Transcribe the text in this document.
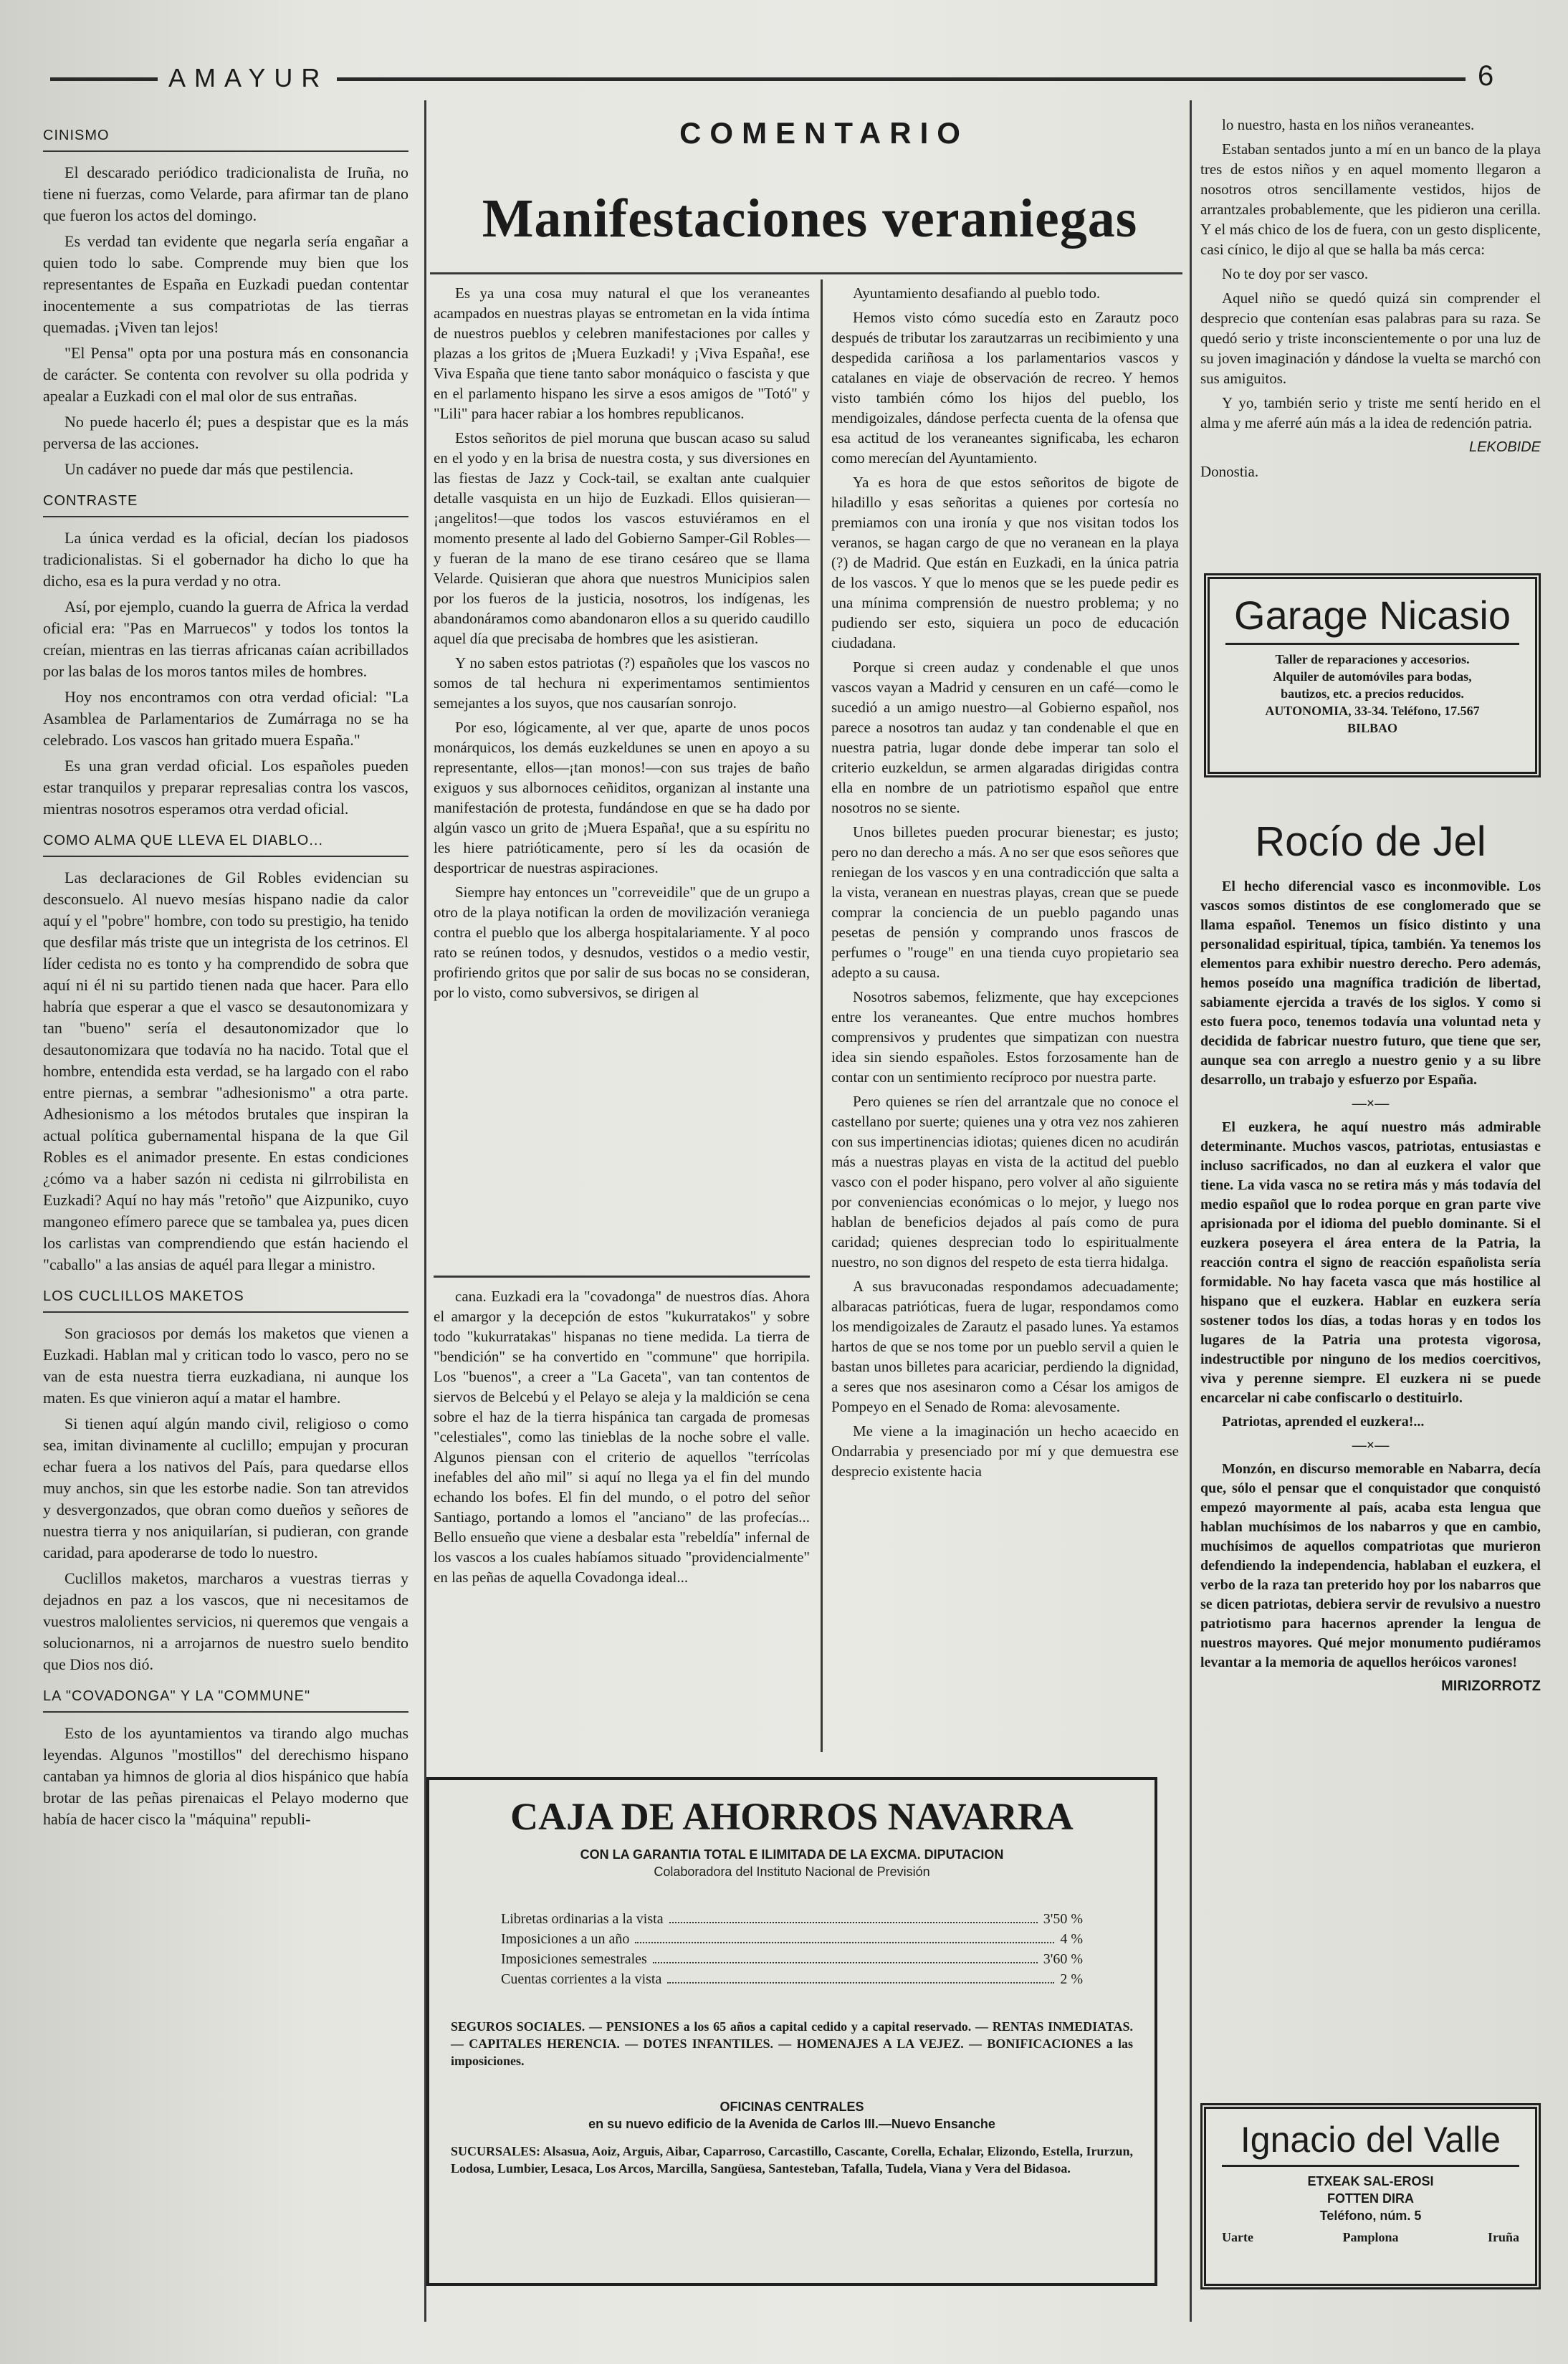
AMAYUR	6
CINISMO

El descarado periódico tradicionalista de Iruña, no tiene ni fuerzas, como Velarde, para afirmar tan de plano que fueron los actos del domingo.

Es verdad tan evidente que negarla sería engañar a quien todo lo sabe. Comprende muy bien que los representantes de España en Euzkadi puedan contentar inocentemente a sus compatriotas de las tierras quemadas. ¡Viven tan lejos!

"El Pensa" opta por una postura más en consonancia de carácter. Se contenta con revolver su olla podrida y apealar a Euzkadi con el mal olor de sus entrañas.

No puede hacerlo él; pues a despistar que es la más perversa de las acciones.

Un cadáver no puede dar más que pestilencia.

CONTRASTE

La única verdad es la oficial, decían los piadosos tradicionalistas. Si el gobernador ha dicho lo que ha dicho, esa es la pura verdad y no otra.

Así, por ejemplo, cuando la guerra de Africa la verdad oficial era: "Pas en Marruecos" y todos los tontos la creían, mientras en las tierras africanas caían acribillados por las balas de los moros tantos miles de hombres.

Hoy nos encontramos con otra verdad oficial: "La Asamblea de Parlamentarios de Zumárraga no se ha celebrado. Los vascos han gritado muera España."

Es una gran verdad oficial. Los españoles pueden estar tranquilos y preparar represalias contra los vascos, mientras nosotros esperamos otra verdad oficial.

COMO ALMA QUE LLEVA EL DIABLO...

Las declaraciones de Gil Robles evidencian su desconsuelo. Al nuevo mesías hispano nadie da calor aquí y el "pobre" hombre, con todo su prestigio, ha tenido que desfilar más triste que un integrista de los cetrinos. El líder cedista no es tonto y ha comprendido de sobra que aquí ni él ni su partido tienen nada que hacer. Para ello habría que esperar a que el vasco se desautonomizara y tan "bueno" sería el desautonomizador que lo desautonomizara que todavía no ha nacido. Total que el hombre, entendida esta verdad, se ha largado con el rabo entre piernas, a sembrar "adhesionismo" a otra parte. Adhesionismo a los métodos brutales que inspiran la actual política gubernamental hispana de la que Gil Robles es el animador presente. En estas condiciones ¿cómo va a haber sazón ni cedista ni gilrrobilista en Euzkadi? Aquí no hay más "retoño" que Aizpuniko, cuyo mangoneo efímero parece que se tambalea ya, pues dicen los carlistas van comprendiendo que están haciendo el "caballo" a las ansias de aquél para llegar a ministro.

LOS CUCLILLOS MAKETOS

Son graciosos por demás los maketos que vienen a Euzkadi. Hablan mal y critican todo lo vasco, pero no se van de esta nuestra tierra euzkadiana, ni aunque los maten. Es que vinieron aquí a matar el hambre.

Si tienen aquí algún mando civil, religioso o como sea, imitan divinamente al cuclillo; empujan y procuran echar fuera a los nativos del País, para quedarse ellos muy anchos, sin que les estorbe nadie. Son tan atrevidos y desvergonzados, que obran como dueños y señores de nuestra tierra y nos aniquilarían, si pudieran, con grande caridad, para apoderarse de todo lo nuestro.

Cuclillos maketos, marcharos a vuestras tierras y dejadnos en paz a los vascos, que ni necesitamos de vuestros malolientes servicios, ni queremos que vengais a solucionarnos, ni a arrojarnos de nuestro suelo bendito que Dios nos dió.

LA "COVADONGA" Y LA "COMMUNE"

Esto de los ayuntamientos va tirando algo muchas leyendas. Algunos "mostillos" del derechismo hispano cantaban ya himnos de gloria al dios hispánico que había brotar de las peñas pirenaicas el Pelayo moderno que había de hacer cisco la "máquina" republi-

COMENTARIO
Manifestaciones veraniegas

Es ya una cosa muy natural el que los veraneantes acampados en nuestras playas se entrometan en la vida íntima de nuestros pueblos y celebren manifestaciones por calles y plazas a los gritos de ¡Muera Euzkadi! y ¡Viva España!, ese Viva España que tiene tanto sabor monáquico o fascista y que en el parlamento hispano les sirve a esos amigos de "Totó" y "Lili" para hacer rabiar a los hombres republicanos.

Estos señoritos de piel moruna que buscan acaso su salud en el yodo y en la brisa de nuestra costa, y sus diversiones en las fiestas de Jazz y Cock-tail, se exaltan ante cualquier detalle vasquista en un hijo de Euzkadi. Ellos quisieran—¡angelitos!—que todos los vascos estuviéramos en el momento presente al lado del Gobierno Samper-Gil Robles—y fueran de la mano de ese tirano cesáreo que se llama Velarde. Quisieran que ahora que nuestros Municipios salen por los fueros de la justicia, nosotros, los indígenas, les abandonáramos como abandonaron ellos a su querido caudillo aquel día que precisaba de hombres que les asistieran.

Y no saben estos patriotas (?) españoles que los vascos no somos de tal hechura ni experimentamos sentimientos semejantes a los suyos, que nos causarían sonrojo.

Por eso, lógicamente, al ver que, aparte de unos pocos monárquicos, los demás euzkeldunes se unen en apoyo a su representante, ellos—¡tan monos!—con sus trajes de baño exiguos y sus albornoces ceñiditos, organizan al instante una manifestación de protesta, fundándose en que se ha dado por algún vasco un grito de ¡Muera España!, que a su espíritu no les hiere patrióticamente, pero sí les da ocasión de desportricar de nuestras aspiraciones.

Siempre hay entonces un "correveidile" que de un grupo a otro de la playa notifican la orden de movilización veraniega contra el pueblo que los alberga hospitalariamente. Y al poco rato se reúnen todos, y desnudos, vestidos o a medio vestir, profiriendo gritos que por salir de sus bocas no se consideran, por lo visto, como subversivos, se dirigen al

cana. Euzkadi era la "covadonga" de nuestros días. Ahora el amargor y la decepción de estos "kukurratakos" y sobre todo "kukurratakas" hispanas no tiene medida. La tierra de "bendición" se ha convertido en "commune" que horripila. Los "buenos", a creer a "La Gaceta", van tan contentos de siervos de Belcebú y el Pelayo se aleja y la maldición se cena sobre el haz de la tierra hispánica tan cargada de promesas "celestiales", como las tinieblas de la noche sobre el valle. Algunos piensan con el criterio de aquellos "terrícolas inefables del año mil" si aquí no llega ya el fin del mundo echando los bofes. El fin del mundo, o el potro del señor Santiago, portando a lomos el "anciano" de las profecías... Bello ensueño que viene a desbalar esta "rebeldía" infernal de los vascos a los cuales habíamos situado "providencialmente" en las peñas de aquella Covadonga ideal...

Ayuntamiento desafiando al pueblo todo.

Hemos visto cómo sucedía esto en Zarautz poco después de tributar los zarautzarras un recibimiento y una despedida cariñosa a los parlamentarios vascos y catalanes en viaje de observación de recreo. Y hemos visto también cómo los hijos del pueblo, los mendigoizales, dándose perfecta cuenta de la ofensa que esa actitud de los veraneantes significaba, les echaron como merecían del Ayuntamiento.

Ya es hora de que estos señoritos de bigote de hiladillo y esas señoritas a quienes por cortesía no premiamos con una ironía y que nos visitan todos los veranos, se hagan cargo de que no veranean en la playa (?) de Madrid. Que están en Euzkadi, en la única patria de los vascos. Y que lo menos que se les puede pedir es una mínima comprensión de nuestro problema; y no pudiendo ser esto, siquiera un poco de educación ciudadana.

Porque si creen audaz y condenable el que unos vascos vayan a Madrid y censuren en un café—como le sucedió a un amigo nuestro—al Gobierno español, nos parece a nosotros tan audaz y tan condenable el que en nuestra patria, lugar donde debe imperar tan solo el criterio euzkeldun, se armen algaradas dirigidas contra ella en nombre de un patriotismo español que entre nosotros no se siente.

Unos billetes pueden procurar bienestar; es justo; pero no dan derecho a más. A no ser que esos señores que reniegan de los vascos y en una contradicción que salta a la vista, veranean en nuestras playas, crean que se puede comprar la conciencia de un pueblo pagando unas pesetas de pensión y comprando unos frascos de perfumes o "rouge" en una tienda cuyo propietario sea adepto a su causa.

Nosotros sabemos, felizmente, que hay excepciones entre los veraneantes. Que entre muchos hombres comprensivos y prudentes que simpatizan con nuestra idea sin siendo españoles. Estos forzosamente han de contar con un sentimiento recíproco por nuestra parte.

Pero quienes se ríen del arrantzale que no conoce el castellano por suerte; quienes una y otra vez nos zahieren con sus impertinencias idiotas; quienes dicen no acudirán más a nuestras playas en vista de la actitud del pueblo vasco con el poder hispano, pero volver al año siguiente por conveniencias económicas o lo mejor, y luego nos hablan de beneficios dejados al país como de pura caridad; quienes desprecian todo lo espiritualmente nuestro, no son dignos del respeto de esta tierra hidalga.

A sus bravuconadas respondamos adecuadamente; albaracas patrióticas, fuera de lugar, respondamos como los mendigoizales de Zarautz el pasado lunes. Ya estamos hartos de que se nos tome por un pueblo servil a quien le bastan unos billetes para acariciar, perdiendo la dignidad, a seres que nos asesinaron como a César los amigos de Pompeyo en el Senado de Roma: alevosamente.

Me viene a la imaginación un hecho acaecido en Ondarrabia y presenciado por mí y que demuestra ese desprecio existente hacia

CAJA DE AHORROS NAVARRA
CON LA GARANTIA TOTAL E ILIMITADA DE LA EXCMA. DIPUTACION
Colaboradora del Instituto Nacional de Previsión
Libretas ordinarias a la vista	3'50 %
Imposiciones a un año	4 %
Imposiciones semestrales	3'60 %
Cuentas corrientes a la vista	2 %
SEGUROS SOCIALES. — PENSIONES a los 65 años a capital cedido y a capital reservado. — RENTAS INMEDIATAS. — CAPITALES HERENCIA. — DOTES INFANTILES. — HOMENAJES A LA VEJEZ. — BONIFICACIONES a las imposiciones.
OFICINAS CENTRALES
en su nuevo edificio de la Avenida de Carlos III.—Nuevo Ensanche
SUCURSALES: Alsasua, Aoiz, Arguis, Aibar, Caparroso, Carcastillo, Cascante, Corella, Echalar, Elizondo, Estella, Irurzun, Lodosa, Lumbier, Lesaca, Los Arcos, Marcilla, Sangüesa, Santesteban, Tafalla, Tudela, Viana y Vera del Bidasoa.

lo nuestro, hasta en los niños veraneantes.

Estaban sentados junto a mí en un banco de la playa tres de estos niños y en aquel momento llegaron a nosotros otros sencillamente vestidos, hijos de arrantzales probablemente, que les pidieron una cerilla. Y el más chico de los de fuera, con un gesto displicente, casi cínico, le dijo al que se halla ba más cerca:

No te doy por ser vasco.

Aquel niño se quedó quizá sin comprender el desprecio que contenían esas palabras para su raza. Se quedó serio y triste inconscientemente o por una luz de su joven imaginación y dándose la vuelta se marchó con sus amiguitos.

Y yo, también serio y triste me sentí herido en el alma y me aferré aún más a la idea de redención patria.

LEKOBIDE

Donostia.

Garage Nicasio
Taller de reparaciones y accesorios.
Alquiler de automóviles para bodas,
bautizos, etc. a precios reducidos.
AUTONOMIA, 33-34. Teléfono, 17.567
BILBAO
Rocío de Jel

El hecho diferencial vasco es inconmovible. Los vascos somos distintos de ese conglomerado que se llama español. Tenemos un físico distinto y una personalidad espiritual, típica, también. Ya tenemos los elementos para exhibir nuestro derecho. Pero además, hemos poseído una magnífica tradición de libertad, sabiamente ejercida a través de los siglos. Y como si esto fuera poco, tenemos todavía una voluntad neta y decidida de fabricar nuestro futuro, que tiene que ser, aunque sea con arreglo a nuestro genio y a su libre desarrollo, un trabajo y esfuerzo por España.

—×—

El euzkera, he aquí nuestro más admirable determinante. Muchos vascos, patriotas, entusiastas e incluso sacrificados, no dan al euzkera el valor que tiene. La vida vasca no se retira más y más todavía del medio español que lo rodea porque en gran parte vive aprisionada por el idioma del pueblo dominante. Si el euzkera poseyera el área entera de la Patria, la reacción contra el signo de reacción españolista sería formidable. No hay faceta vasca que más hostilice al hispano que el euzkera. Hablar en euzkera sería sostener todos los días, a todas horas y en todos los lugares de la Patria una protesta vigorosa, indestructible por ninguno de los medios coercitivos, viva y perenne siempre. El euzkera ni se puede encarcelar ni cabe confiscarlo o destituirlo.

Patriotas, aprended el euzkera!...

—×—

Monzón, en discurso memorable en Nabarra, decía que, sólo el pensar que el conquistador que conquistó empezó mayormente al país, acaba esta lengua que hablan muchísimos de los nabarros y que en cambio, muchísimos de aquellos compatriotas que murieron defendiendo la independencia, hablaban el euzkera, el verbo de la raza tan preterido hoy por los nabarros que se dicen patriotas, debiera servir de revulsivo a nuestro patriotismo para hacernos aprender la lengua de nuestros mayores. Qué mejor monumento pudiéramos levantar a la memoria de aquellos heróicos varones!

MIRIZORROTZ

Ignacio del Valle
ETXEAK SAL-EROSI
FOTTEN DIRA
Teléfono, núm. 5
Uarte	Pamplona	Iruña
